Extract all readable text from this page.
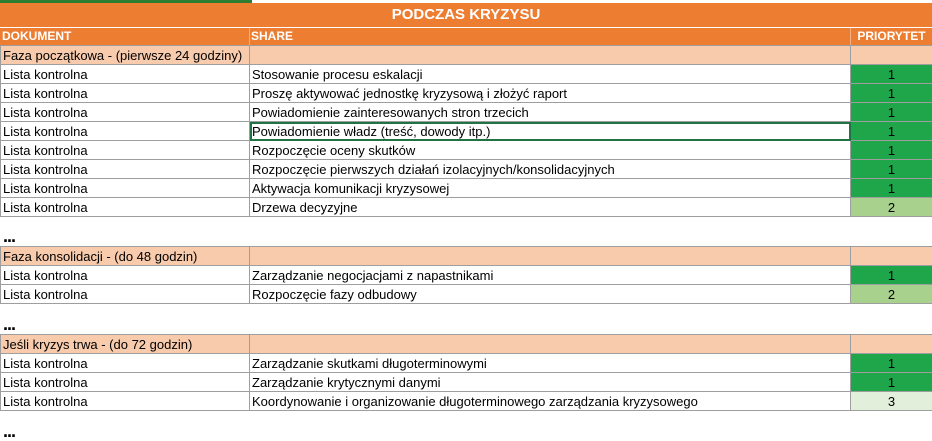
PODCZAS KRYZYSU
DOKUMENT	SHARE	PRIORYTET
Faza początkowa - (pierwsze 24 godziny)		
Lista kontrolna	Stosowanie procesu eskalacji	1
Lista kontrolna	Proszę aktywować jednostkę kryzysową i złożyć raport	1
Lista kontrolna	Powiadomienie zainteresowanych stron trzecich	1
Lista kontrolna	Powiadomienie władz (treść, dowody itp.)	1
Lista kontrolna	Rozpoczęcie oceny skutków	1
Lista kontrolna	Rozpoczęcie pierwszych działań izolacyjnych/konsolidacyjnych	1
Lista kontrolna	Aktywacja komunikacji kryzysowej	1
Lista kontrolna	Drzewa decyzyjne	2
...
Faza konsolidacji - (do 48 godzin)		
Lista kontrolna	Zarządzanie negocjacjami z napastnikami	1
Lista kontrolna	Rozpoczęcie fazy odbudowy	2
...
Jeśli kryzys trwa - (do 72 godzin)		
Lista kontrolna	Zarządzanie skutkami długoterminowymi	1
Lista kontrolna	Zarządzanie krytycznymi danymi	1
Lista kontrolna	Koordynowanie i organizowanie długoterminowego zarządzania kryzysowego	3
...
